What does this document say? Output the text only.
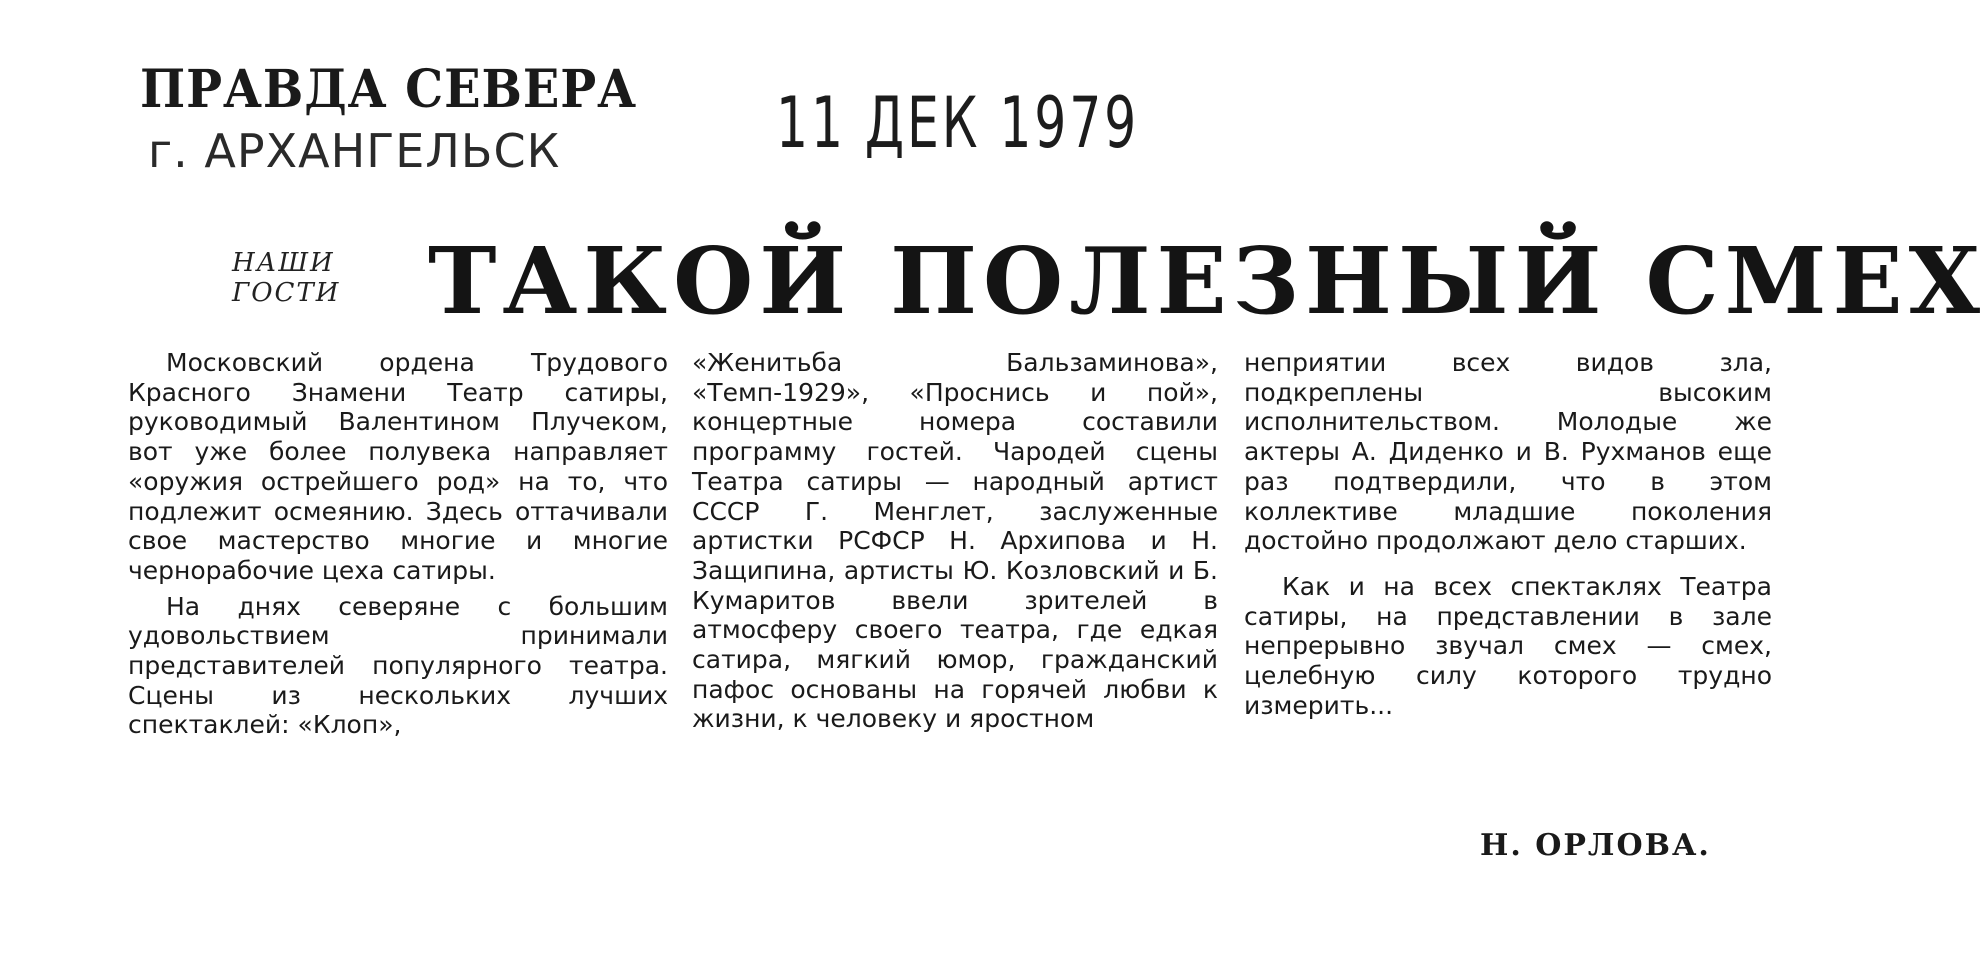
ПРАВДА СЕВЕРА
г. АРХАНГЕЛЬСК	11 ДЕК 1979
НАШИ
ГОСТИ ТАКОЙ ПОЛЕЗНЫЙ СМЕХ

Московский ордена Трудового Красного Знамени Театр сатиры, руководимый Валентином Плучеком, вот уже более полувека направляет «оружия острейшего род» на то, что подлежит осмеянию. Здесь оттачивали свое мастерство многие и многие чернорабочие цеха сатиры.

На днях северяне с большим удовольствием принимали представителей популярного театра. Сцены из нескольких лучших спектаклей: «Клоп»,

«Женитьба Бальзаминова», «Темп-1929», «Проснись и пой», концертные номера составили программу гостей. Чародей сцены Театра сатиры — народный артист СССР Г. Менглет, заслуженные артистки РСФСР Н. Архипова и Н. Защипина, артисты Ю. Козловский и Б. Кумаритов ввели зрителей в атмосферу своего театра, где едкая сатира, мягкий юмор, гражданский пафос основаны на горячей любви к жизни, к человеку и яростном

неприятии всех видов зла, подкреплены высоким исполнительством. Молодые же актеры А. Диденко и В. Рухманов еще раз подтвердили, что в этом коллективе младшие поколения достойно продолжают дело старших.

Как и на всех спектаклях Театра сатиры, на представлении в зале непрерывно звучал смех — смех, целебную силу которого трудно измерить...

Н. ОРЛОВА.
